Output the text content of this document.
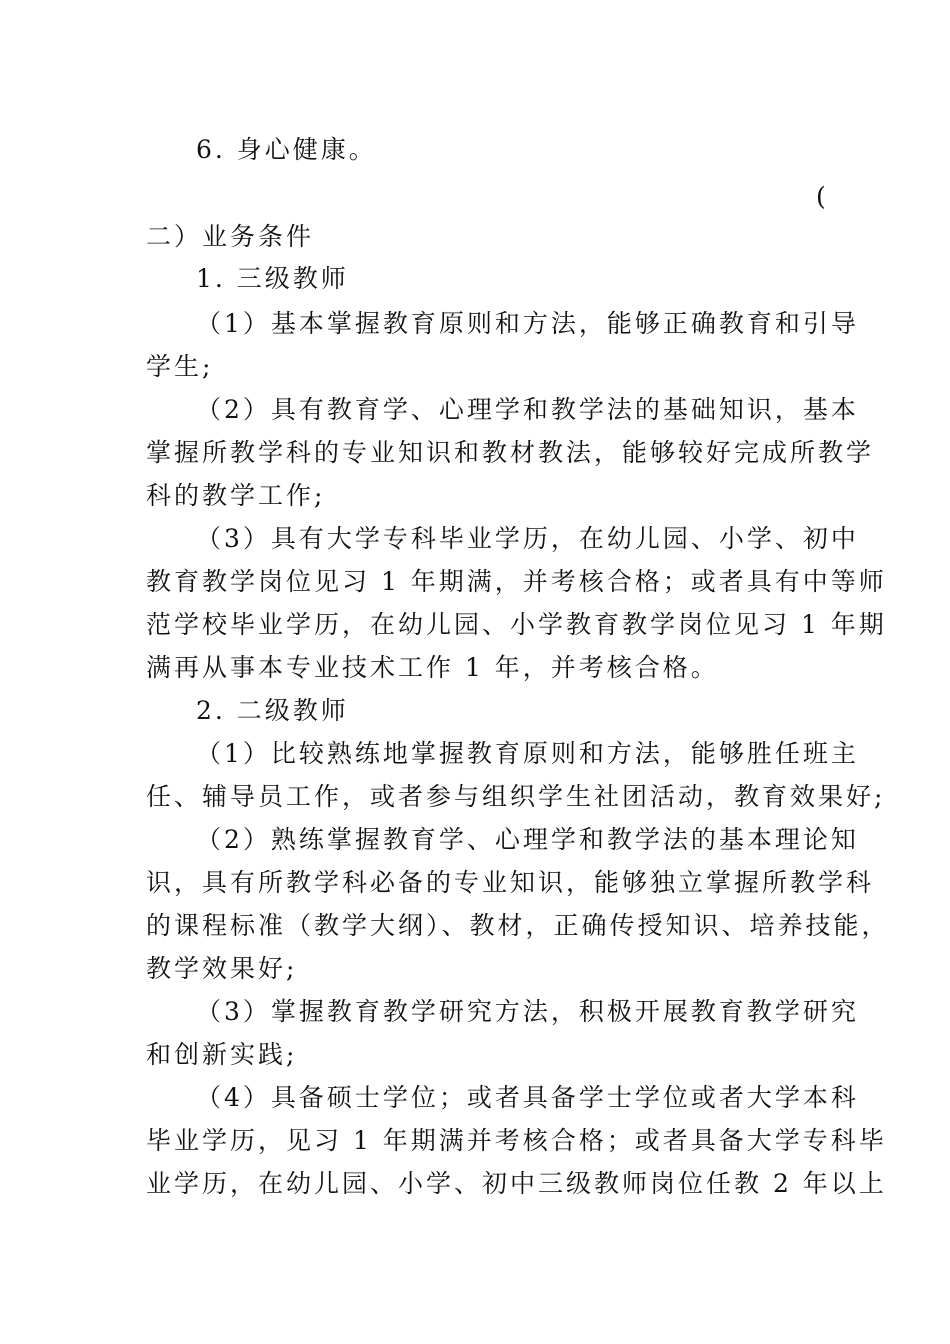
6. 身心健康。
(
二）业务条件
1. 三级教师
（1）基本掌握教育原则和方法，能够正确教育和引导
学生;
（2）具有教育学、心理学和教学法的基础知识，基本
掌握所教学科的专业知识和教材教法，能够较好完成所教学
科的教学工作;
（3）具有大学专科毕业学历，在幼儿园、小学、初中
教育教学岗位见习 1 年期满，并考核合格；或者具有中等师
范学校毕业学历，在幼儿园、小学教育教学岗位见习 1 年期
满再从事本专业技术工作 1 年，并考核合格。
2. 二级教师
（1）比较熟练地掌握教育原则和方法，能够胜任班主
任、辅导员工作，或者参与组织学生社团活动，教育效果好;
（2）熟练掌握教育学、心理学和教学法的基本理论知
识，具有所教学科必备的专业知识，能够独立掌握所教学科
的课程标准（教学大纲）、教材，正确传授知识、培养技能，
教学效果好;
（3）掌握教育教学研究方法，积极开展教育教学研究
和创新实践;
（4）具备硕士学位；或者具备学士学位或者大学本科
毕业学历，见习 1 年期满并考核合格；或者具备大学专科毕
业学历，在幼儿园、小学、初中三级教师岗位任教 2 年以上
